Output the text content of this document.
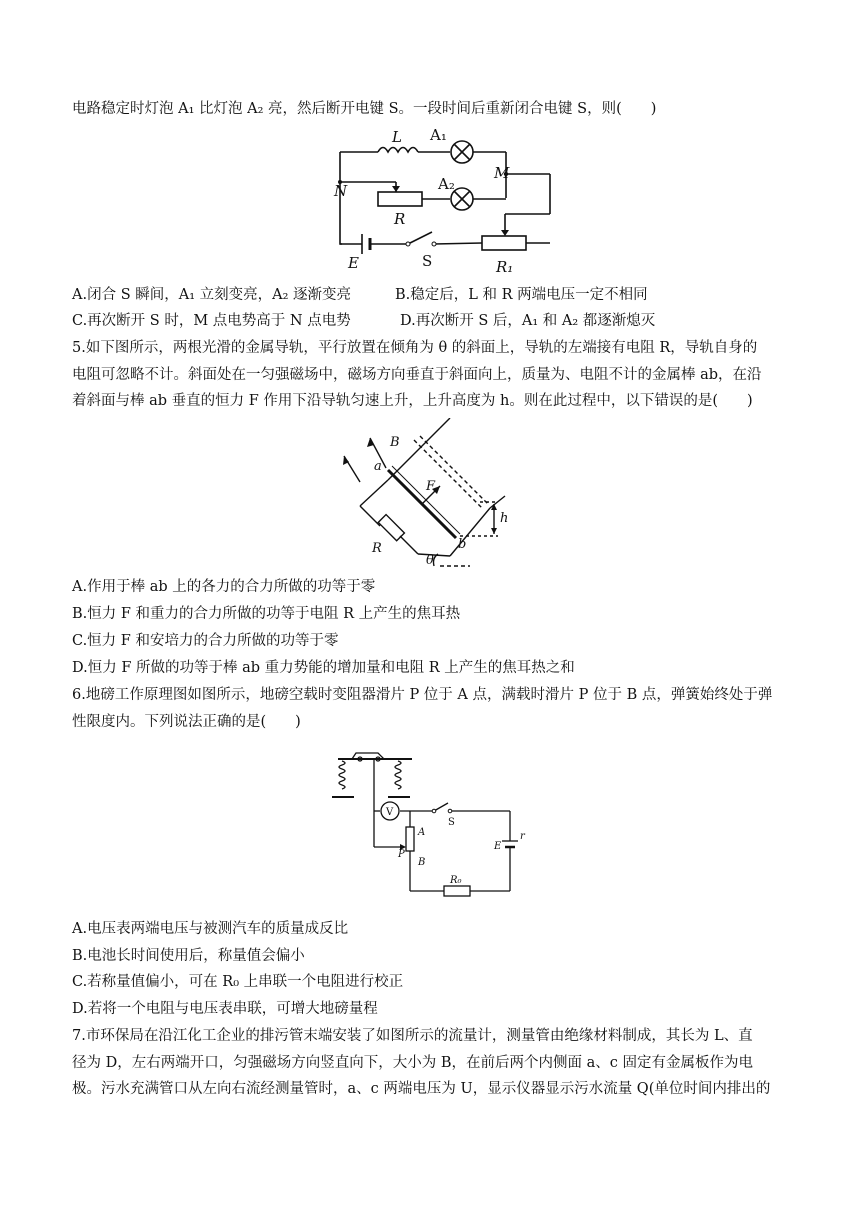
电路稳定时灯泡 A₁ 比灯泡 A₂ 亮，然后断开电键 S。一段时间后重新闭合电键 S，则(　　)
L A₁
N
M
A₂
R
E	S	R₁
A.闭合 S 瞬间，A₁ 立刻变亮，A₂ 逐渐变亮	B.稳定后，L 和 R 两端电压一定不相同
C.再次断开 S 时，M 点电势高于 N 点电势	D.再次断开 S 后，A₁ 和 A₂ 都逐渐熄灭
5.如下图所示，两根光滑的金属导轨，平行放置在倾角为 θ 的斜面上，导轨的左端接有电阻 R，导轨自身的
电阻可忽略不计。斜面处在一匀强磁场中，磁场方向垂直于斜面向上，质量为、电阻不计的金属棒 ab，在沿
着斜面与棒 ab 垂直的恒力 F 作用下沿导轨匀速上升，上升高度为 h。则在此过程中，以下错误的是(　　)
B
a
F
h
R	b
θ
A.作用于棒 ab 上的各力的合力所做的功等于零
B.恒力 F 和重力的合力所做的功等于电阻 R 上产生的焦耳热
C.恒力 F 和安培力的合力所做的功等于零
D.恒力 F 所做的功等于棒 ab 重力势能的增加量和电阻 R 上产生的焦耳热之和
6.地磅工作原理图如图所示，地磅空载时变阻器滑片 P 位于 A 点，满载时滑片 P 位于 B 点，弹簧始终处于弹
性限度内。下列说法正确的是(　　)
V
S
A
P
B
E
r
R₀
A.电压表两端电压与被测汽车的质量成反比
B.电池长时间使用后，称量值会偏小
C.若称量值偏小，可在 R₀ 上串联一个电阻进行校正
D.若将一个电阻与电压表串联，可增大地磅量程
7.市环保局在沿江化工企业的排污管末端安装了如图所示的流量计，测量管由绝缘材料制成，其长为 L、直
径为 D，左右两端开口，匀强磁场方向竖直向下，大小为 B，在前后两个内侧面 a、c 固定有金属板作为电
极。污水充满管口从左向右流经测量管时，a、c 两端电压为 U，显示仪器显示污水流量 Q(单位时间内排出的
